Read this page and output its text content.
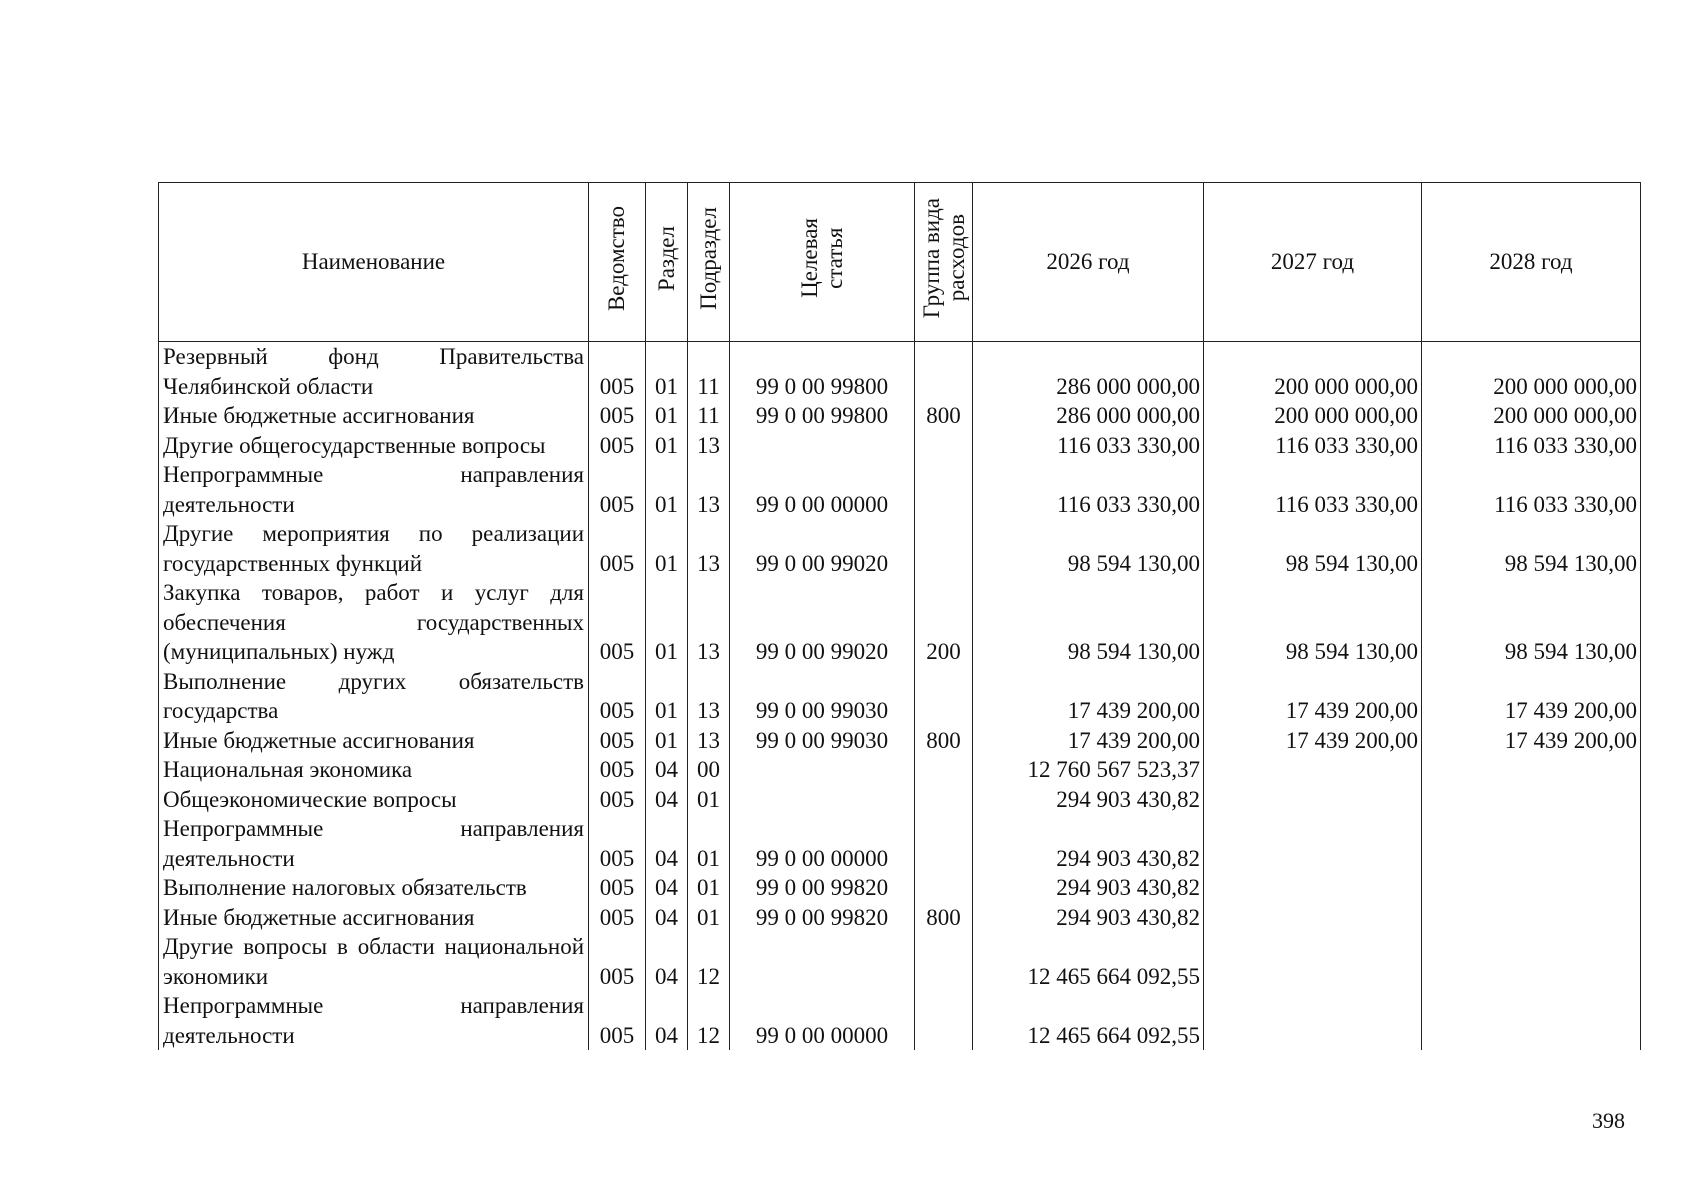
Наименование	Ведомство	Раздел	Подраздел	Целевая
статья	Группа вида
расходов	2026 год	2027 год	2028 год
Резервный фонд Правительства Челябинской области	005	01	11	99 0 00 99800		286 000 000,00	200 000 000,00	200 000 000,00
Иные бюджетные ассигнования	005	01	11	99 0 00 99800	800	286 000 000,00	200 000 000,00	200 000 000,00
Другие общегосударственные вопросы	005	01	13			116 033 330,00	116 033 330,00	116 033 330,00
Непрограммные направления деятельности	005	01	13	99 0 00 00000		116 033 330,00	116 033 330,00	116 033 330,00
Другие мероприятия по реализации государственных функций	005	01	13	99 0 00 99020		98 594 130,00	98 594 130,00	98 594 130,00
Закупка товаров, работ и услуг для обеспечения государственных (муниципальных) нужд	005	01	13	99 0 00 99020	200	98 594 130,00	98 594 130,00	98 594 130,00
Выполнение других обязательств государства	005	01	13	99 0 00 99030		17 439 200,00	17 439 200,00	17 439 200,00
Иные бюджетные ассигнования	005	01	13	99 0 00 99030	800	17 439 200,00	17 439 200,00	17 439 200,00
Национальная экономика	005	04	00			12 760 567 523,37		
Общеэкономические вопросы	005	04	01			294 903 430,82		
Непрограммные направления деятельности	005	04	01	99 0 00 00000		294 903 430,82		
Выполнение налоговых обязательств	005	04	01	99 0 00 99820		294 903 430,82		
Иные бюджетные ассигнования	005	04	01	99 0 00 99820	800	294 903 430,82		
Другие вопросы в области национальной экономики	005	04	12			12 465 664 092,55		
Непрограммные направления деятельности	005	04	12	99 0 00 00000		12 465 664 092,55		
398
